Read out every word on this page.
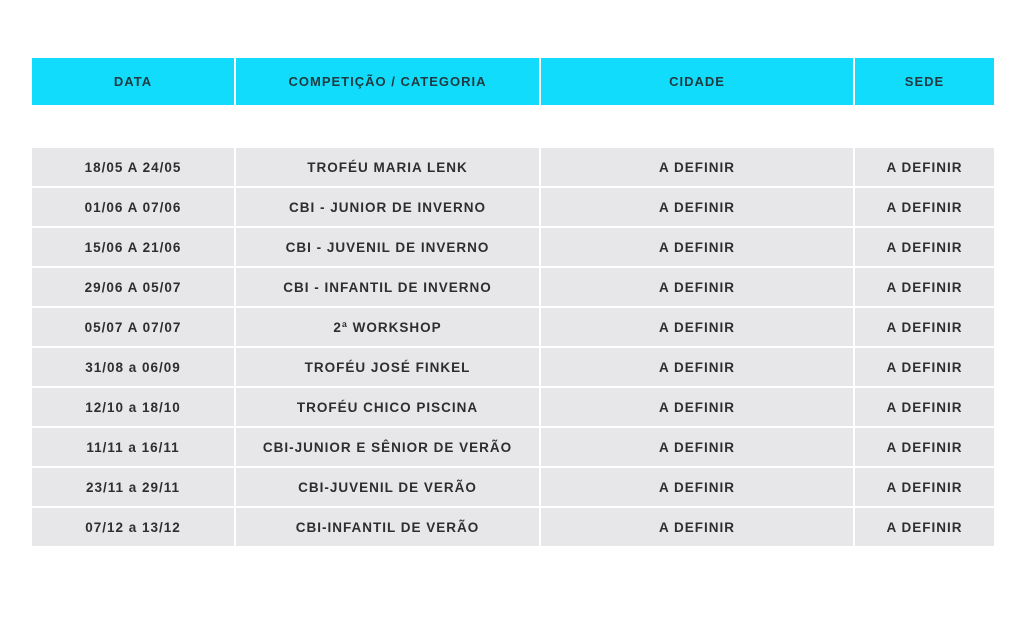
DATA	COMPETIÇÃO / CATEGORIA	CIDADE	SEDE
18/05 A 24/05	TROFÉU MARIA LENK	A DEFINIR	A DEFINIR
01/06 A 07/06	CBI - JUNIOR DE INVERNO	A DEFINIR	A DEFINIR
15/06 A 21/06	CBI - JUVENIL DE INVERNO	A DEFINIR	A DEFINIR
29/06 A 05/07	CBI - INFANTIL DE INVERNO	A DEFINIR	A DEFINIR
05/07 A 07/07	2ª WORKSHOP	A DEFINIR	A DEFINIR
31/08 a 06/09	TROFÉU JOSÉ FINKEL	A DEFINIR	A DEFINIR
12/10 a 18/10	TROFÉU CHICO PISCINA	A DEFINIR	A DEFINIR
11/11 a 16/11	CBI-JUNIOR E SÊNIOR DE VERÃO	A DEFINIR	A DEFINIR
23/11 a 29/11	CBI-JUVENIL DE VERÃO	A DEFINIR	A DEFINIR
07/12 a 13/12	CBI-INFANTIL DE VERÃO	A DEFINIR	A DEFINIR
